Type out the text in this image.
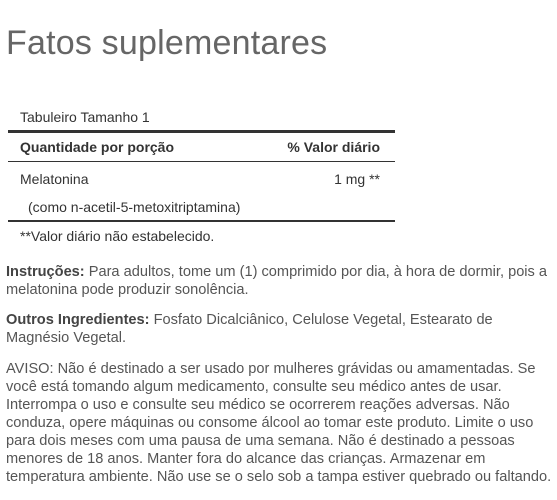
Fatos suplementares
Tabuleiro Tamanho 1
Quantidade por porção	% Valor diário
Melatonina	1 mg **
(como n-acetil-5-metoxitriptamina)
**Valor diário não estabelecido.

Instruções: Para adultos, tome um (1) comprimido por dia, à hora de dormir, pois a melatonina pode produzir sonolência.

Outros Ingredientes: Fosfato Dicalciânico, Celulose Vegetal, Estearato de Magnésio Vegetal.

AVISO: Não é destinado a ser usado por mulheres grávidas ou amamentadas. Se você está tomando algum medicamento, consulte seu médico antes de usar. Interrompa o uso e consulte seu médico se ocorrerem reações adversas. Não conduza, opere máquinas ou consome álcool ao tomar este produto. Limite o uso para dois meses com uma pausa de uma semana. Não é destinado a pessoas menores de 18 anos. Manter fora do alcance das crianças. Armazenar em temperatura ambiente. Não use se o selo sob a tampa estiver quebrado ou faltando.
